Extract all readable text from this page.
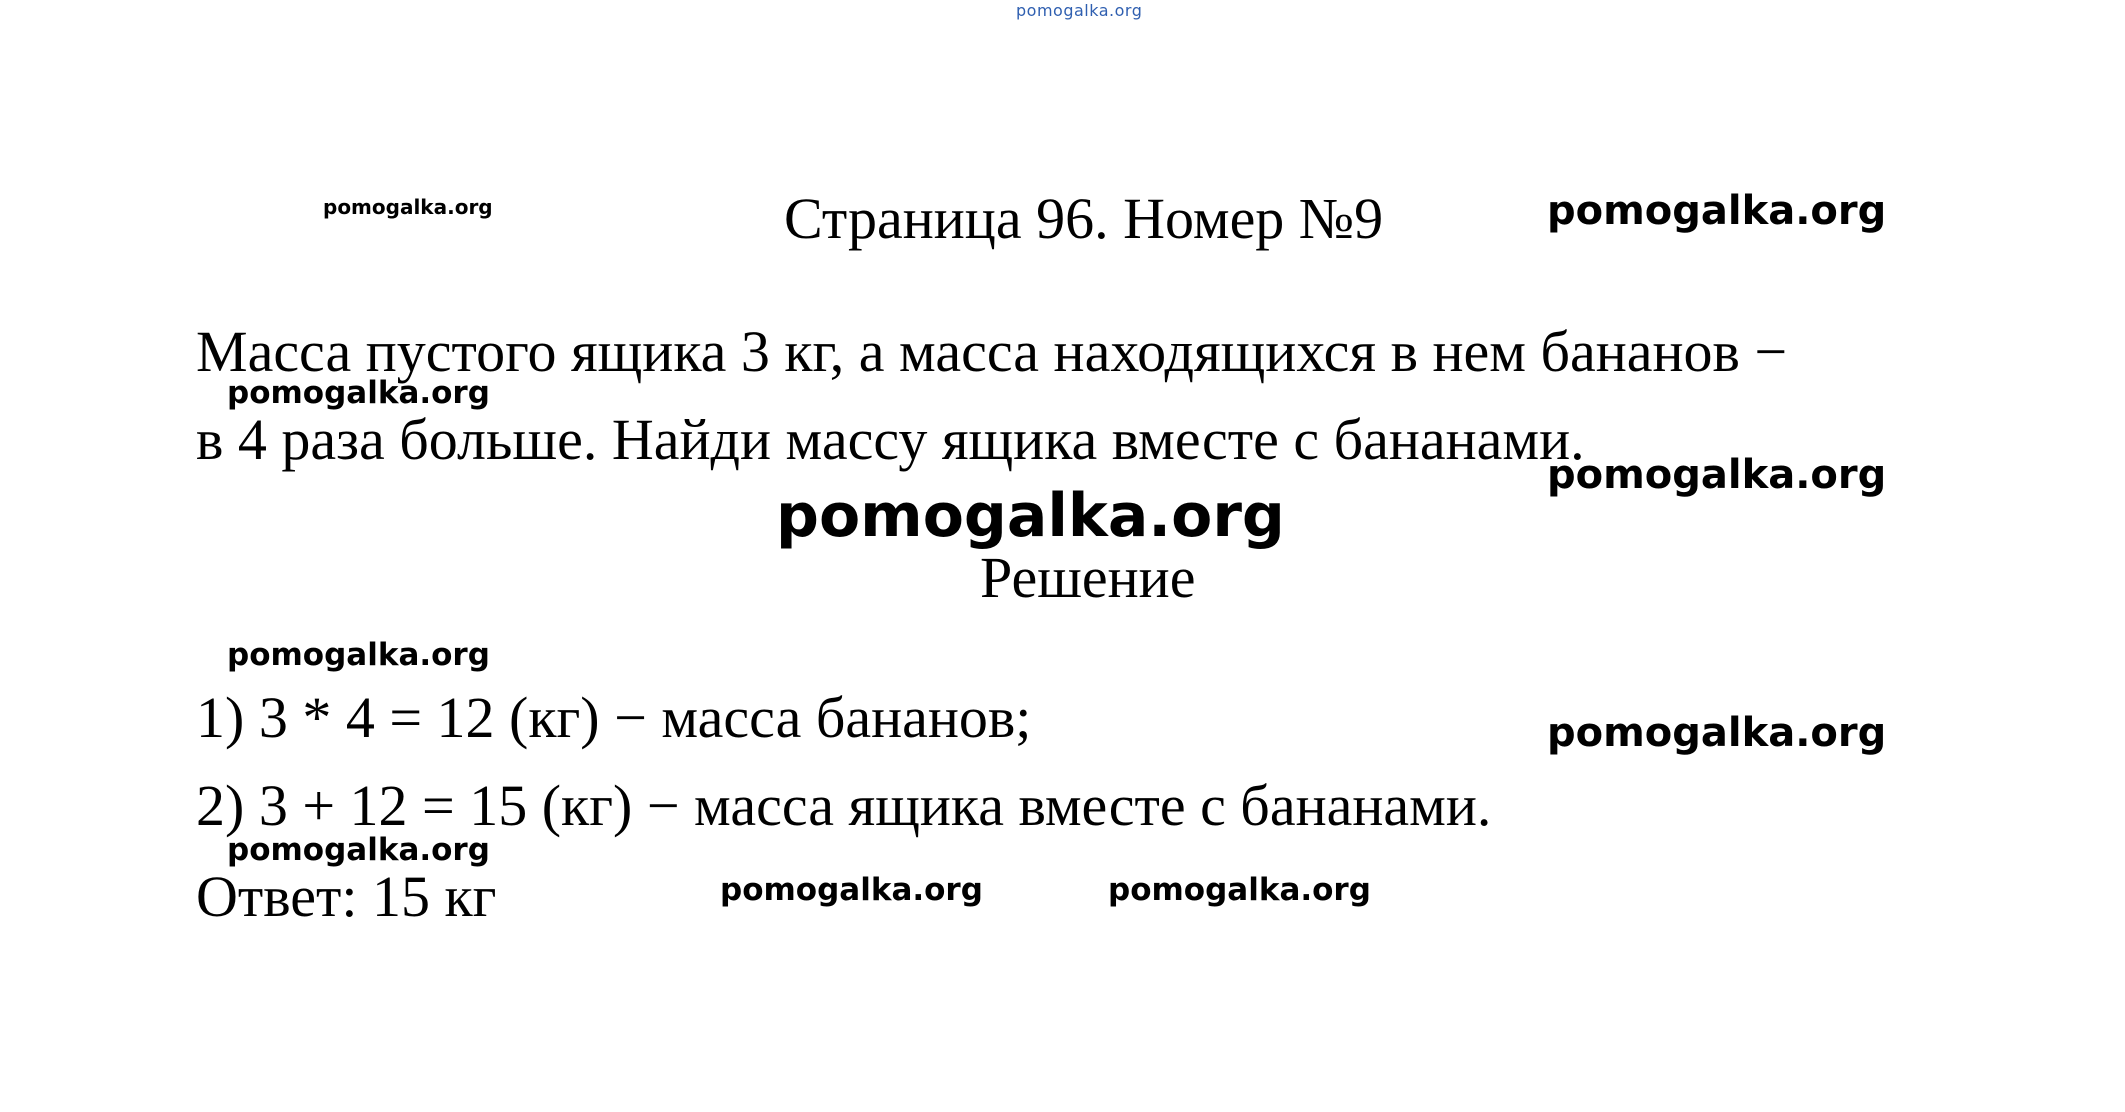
pomogalka.org
Страница 96. Номер №9
Масса пустого ящика 3 кг, а масса находящихся в нем бананов −
в 4 раза больше. Найди массу ящика вместе с бананами.
Решение
1) 3 * 4 = 12 (кг) − масса бананов;
2) 3 + 12 = 15 (кг) − масса ящика вместе с бананами.
Ответ: 15 кг
pomogalka.org	pomogalka.org
pomogalka.org
pomogalka.org
pomogalka.org
pomogalka.org
pomogalka.org
pomogalka.org
pomogalka.org	pomogalka.org
